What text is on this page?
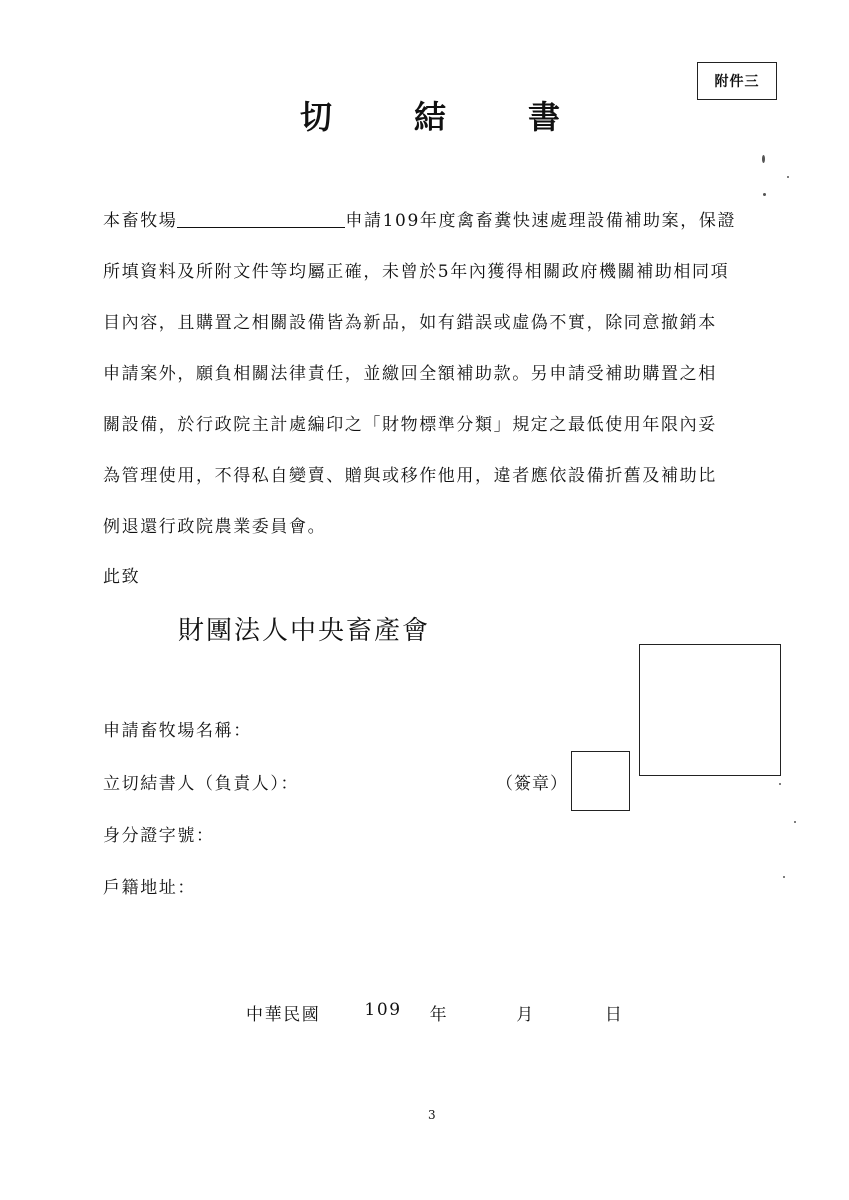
附件三
切	結	書
本畜牧場	申請109年度禽畜糞快速處理設備補助案，保證
所填資料及所附文件等均屬正確，未曾於5年內獲得相關政府機關補助相同項
目內容，且購置之相關設備皆為新品，如有錯誤或虛偽不實，除同意撤銷本
申請案外，願負相關法律責任，並繳回全額補助款。另申請受補助購置之相
關設備，於行政院主計處編印之「財物標準分類」規定之最低使用年限內妥
為管理使用，不得私自變賣、贈與或移作他用，違者應依設備折舊及補助比
例退還行政院農業委員會。
此致
財團法人中央畜產會
申請畜牧場名稱：
立切結書人（負責人）：
身分證字號：
戶籍地址：
（簽章）
中華民國	109 年	月	日
3
